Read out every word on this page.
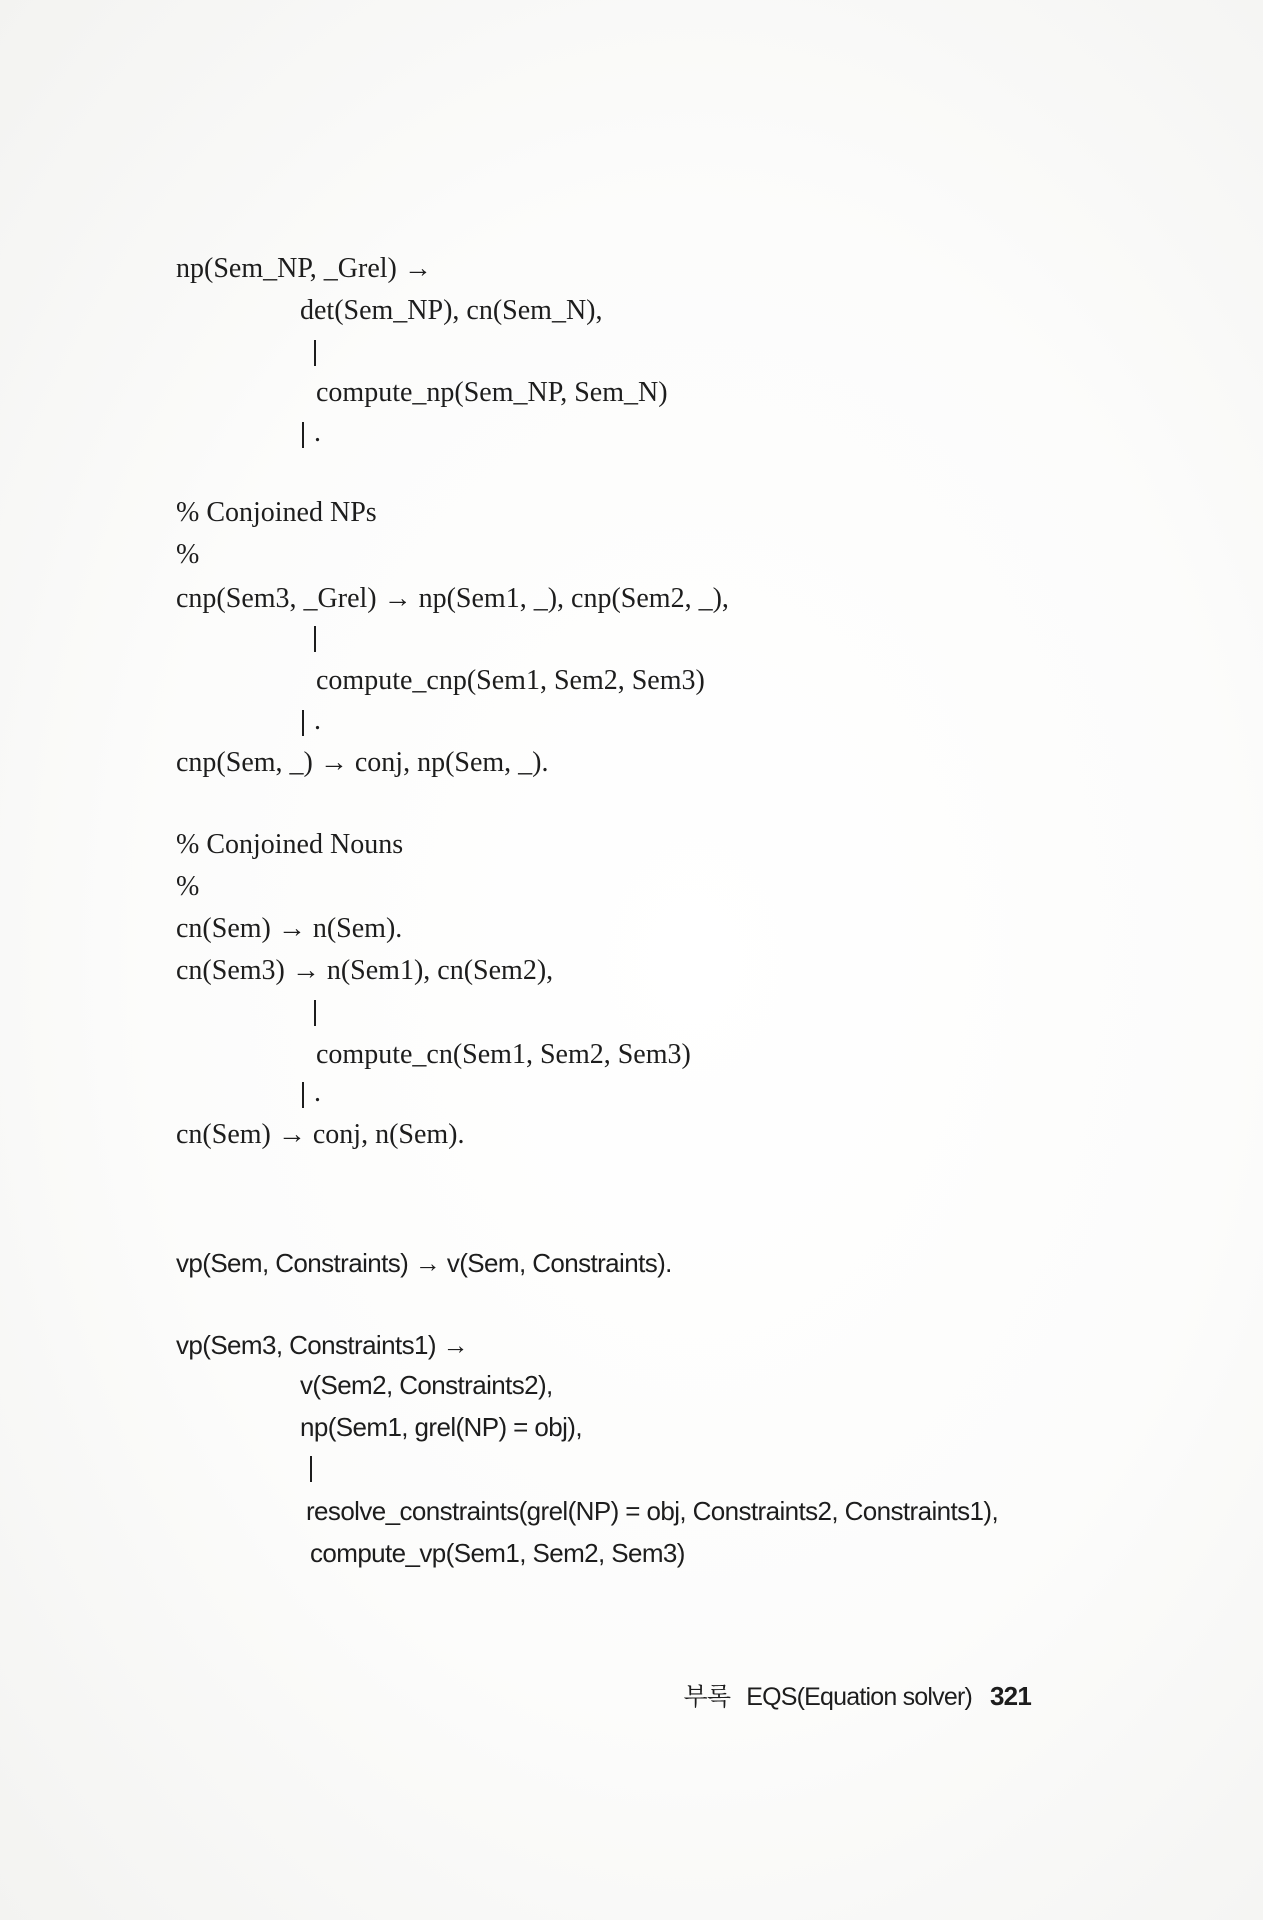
np(Sem_NP, _Grel) →

det(Sem_NP), cn(Sem_N),

compute_np(Sem_NP, Sem_N)

.

% Conjoined NPs

%

cnp(Sem3, _Grel) → np(Sem1, _), cnp(Sem2, _),

compute_cnp(Sem1, Sem2, Sem3)

.

cnp(Sem, _) → conj, np(Sem, _).

% Conjoined Nouns

%

cn(Sem) → n(Sem).

cn(Sem3) → n(Sem1), cn(Sem2),

compute_cn(Sem1, Sem2, Sem3)

.

cn(Sem) → conj, n(Sem).

vp(Sem, Constraints) → v(Sem, Constraints).

vp(Sem3, Constraints1) →

v(Sem2, Constraints2),

np(Sem1, grel(NP) = obj),

resolve_constraints(grel(NP) = obj, Constraints2, Constraints1),

compute_vp(Sem1, Sem2, Sem3)

부록 EQS(Equation solver) 321
